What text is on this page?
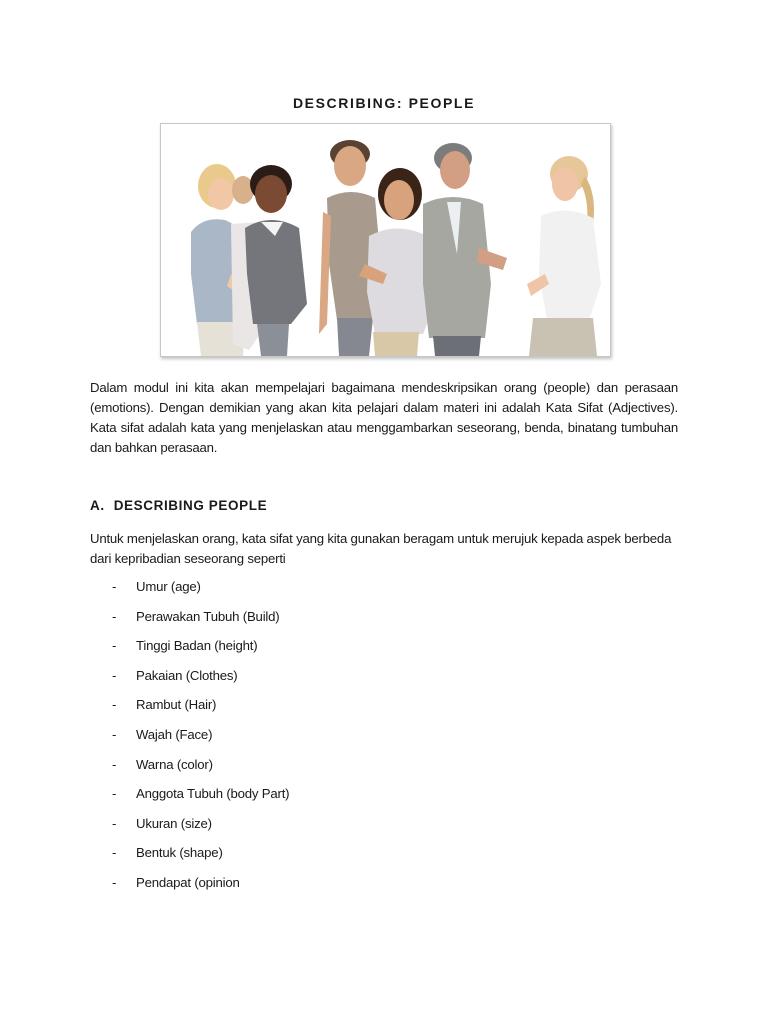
DESCRIBING: PEOPLE

Dalam modul ini kita akan mempelajari bagaimana mendeskripsikan orang (people) dan perasaan (emotions). Dengan demikian yang akan kita pelajari dalam materi ini adalah Kata Sifat (Adjectives). Kata sifat adalah kata yang menjelaskan atau menggambarkan seseorang, benda, binatang tumbuhan dan bahkan perasaan.

A. DESCRIBING PEOPLE

Untuk menjelaskan orang, kata sifat yang kita gunakan beragam untuk merujuk kepada aspek berbeda dari kepribadian seseorang seperti

- Umur (age)
- Perawakan Tubuh (Build)
- Tinggi Badan (height)
- Pakaian (Clothes)
- Rambut (Hair)
- Wajah (Face)
- Warna (color)
- Anggota Tubuh (body Part)
- Ukuran (size)
- Bentuk (shape)
- Pendapat (opinion
